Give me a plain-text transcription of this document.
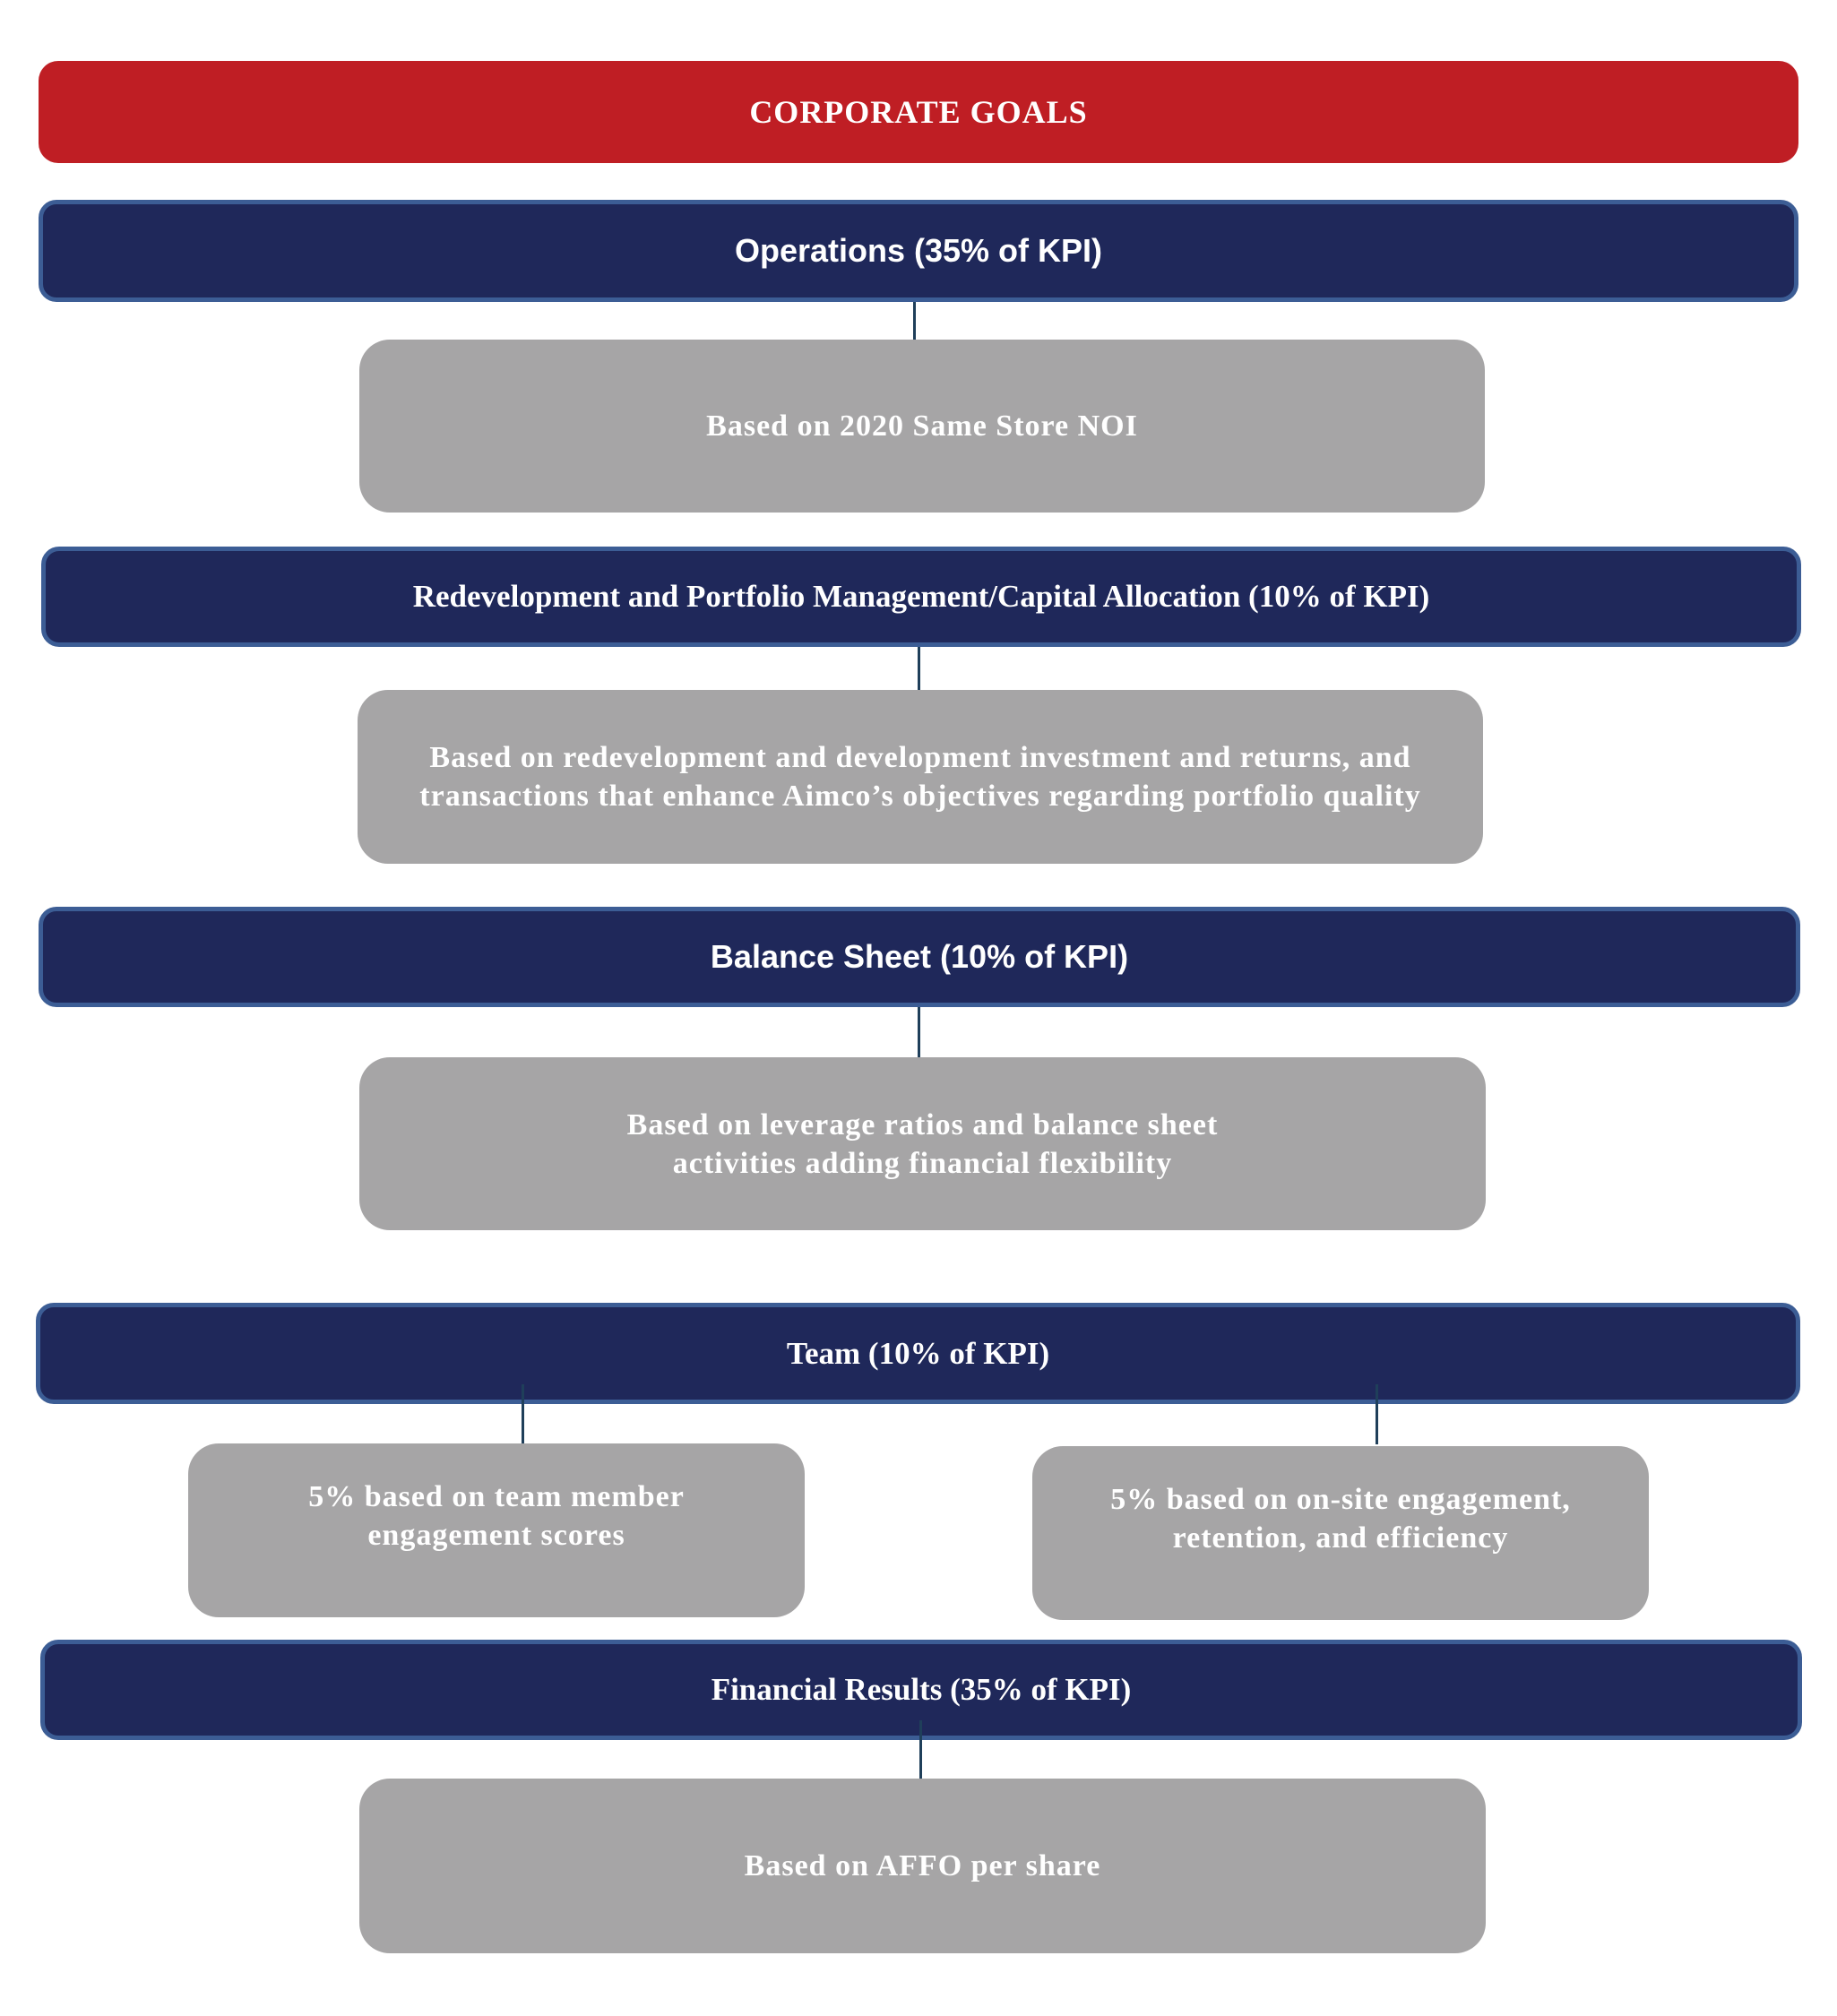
CORPORATE GOALS
Operations (35% of KPI)
Based on 2020 Same Store NOI
Redevelopment and Portfolio Management/Capital Allocation (10% of KPI)
Based on redevelopment and development investment and returns, and transactions that enhance Aimco’s objectives regarding portfolio quality
Balance Sheet (10% of KPI)
Based on leverage ratios and balance sheet activities adding financial flexibility
Team (10% of KPI)
5% based on team member engagement scores
5% based on on-site engagement, retention, and efficiency
Financial Results (35% of KPI)
Based on AFFO per share
